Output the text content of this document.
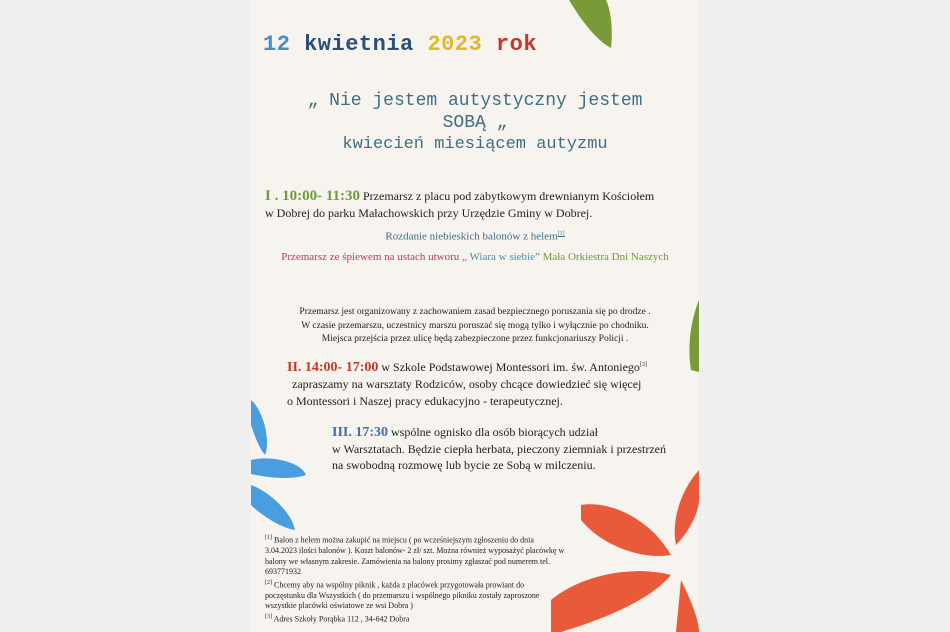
12 kwietnia 2023 rok
„ Nie jestem autystyczny jestem
SOBĄ „
kwiecień miesiącem autyzmu
I . 10:00- 11:30 Przemarsz z placu pod zabytkowym drewnianym Kościołem
w Dobrej do parku Małachowskich przy Urzędzie Gminy w Dobrej.
Rozdanie niebieskich balonów z helem[1]
Przemarsz ze śpiewem na ustach utworu „ Wiara w siebie” Mała Orkiestra Dni Naszych
Przemarsz jest organizowany z zachowaniem zasad bezpiecznego poruszania się po drodze .
W czasie przemarszu, uczestnicy marszu poruszać się mogą tylko i wyłącznie po chodniku.
Miejsca przejścia przez ulicę będą zabezpieczone przez funkcjonariuszy Policji .
II. 14:00- 17:00 w Szkole Podstawowej Montessori im. św. Antoniego[3]
zapraszamy na warsztaty Rodziców, osoby chcące dowiedzieć się więcej
o Montessori i Naszej pracy edukacyjno - terapeutycznej.
III. 17:30 wspólne ognisko dla osób biorących udział
w Warsztatach. Będzie ciepła herbata, pieczony ziemniak i przestrzeń
na swobodną rozmowę lub bycie ze Sobą w milczeniu.
[1] Balon z helem można zakupić na miejscu ( po wcześniejszym zgłoszeniu do dnia 3.04.2023 ilości balonów ). Koszt balonów- 2 zł/ szt. Można również wyposażyć placówkę w balony we własnym zakresie. Zamówienia na balony prosimy zgłaszać pod numerem tel. 693771932
[2] Chcemy aby na wspólny piknik , każda z placówek przygotowała prowiant do poczęstunku dla Wszystkich ( do przemarszu i wspólnego pikniku zostały zaproszone wszystkie placówki oświatowe ze wsi Dobra )
[3] Adres Szkoły Porąbka 112 , 34-642 Dobra
